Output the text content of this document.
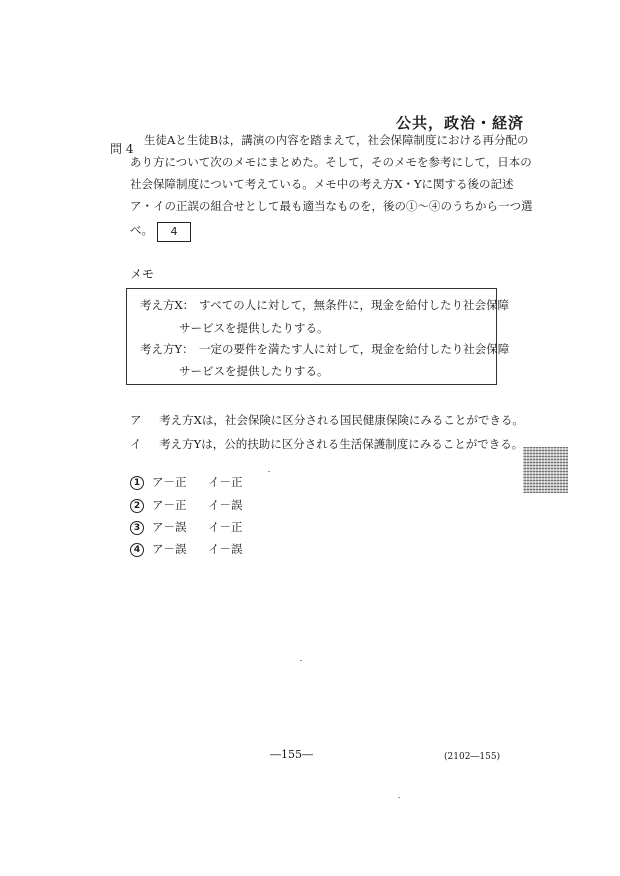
公共，政治・経済
問 4
生徒Aと生徒Bは，講演の内容を踏まえて，社会保障制度における再分配の
あり方について次のメモにまとめた。そして，そのメモを参考にして，日本の
社会保障制度について考えている。メモ中の考え方X・Yに関する後の記述
ア・イの正誤の組合せとして最も適当なものを，後の①～④のうちから一つ選
べ。	4
メモ
考え方X： すべての人に対して，無条件に，現金を給付したり社会保障
サービスを提供したりする。
考え方Y： 一定の要件を満たす人に対して，現金を給付したり社会保障
サービスを提供したりする。
ア 考え方Xは，社会保険に区分される国民健康保険にみることができる。
イ 考え方Yは，公的扶助に区分される生活保護制度にみることができる。
1 ア－正 イ－正
2 ア－正 イ－誤
3 ア－誤 イ－正
4 ア－誤 イ－誤
―155―	(2102―155)
